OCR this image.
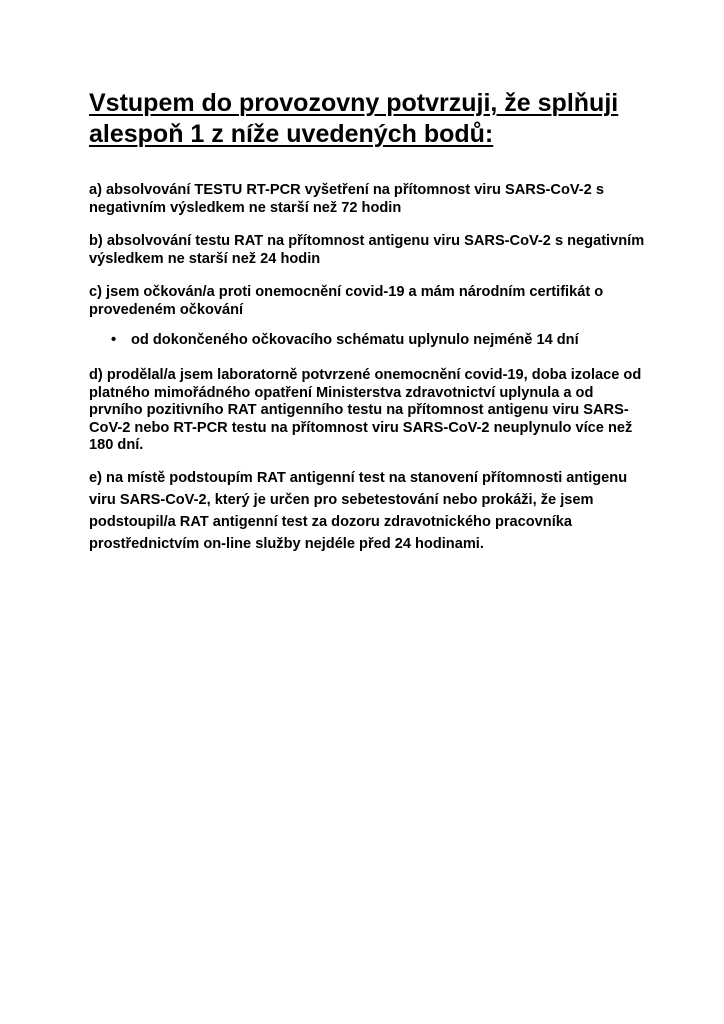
Vstupem do provozovny potvrzuji, že splňuji alespoň 1 z níže uvedených bodů:

a) absolvování TESTU RT-PCR vyšetření na přítomnost viru SARS-CoV-2 s negativním výsledkem ne starší než 72 hodin

b) absolvování testu RAT na přítomnost antigenu viru SARS-CoV-2 s negativním výsledkem ne starší než 24 hodin

c) jsem očkován/a proti onemocnění covid-19 a mám národním certifikát o provedeném očkování

• od dokončeného očkovacího schématu uplynulo nejméně 14 dní

d) prodělal/a jsem laboratorně potvrzené onemocnění covid-19, doba izolace od platného mimořádného opatření Ministerstva zdravotnictví uplynula a od prvního pozitivního RAT antigenního testu na přítomnost antigenu viru SARS-CoV-2 nebo RT-PCR testu na přítomnost viru SARS-CoV-2 neuplynulo více než 180 dní.

e) na místě podstoupím RAT antigenní test na stanovení přítomnosti antigenu viru SARS-CoV-2, který je určen pro sebetestování nebo prokáži, že jsem podstoupil/a RAT antigenní test za dozoru zdravotnického pracovníka prostřednictvím on-line služby nejdéle před 24 hodinami.
